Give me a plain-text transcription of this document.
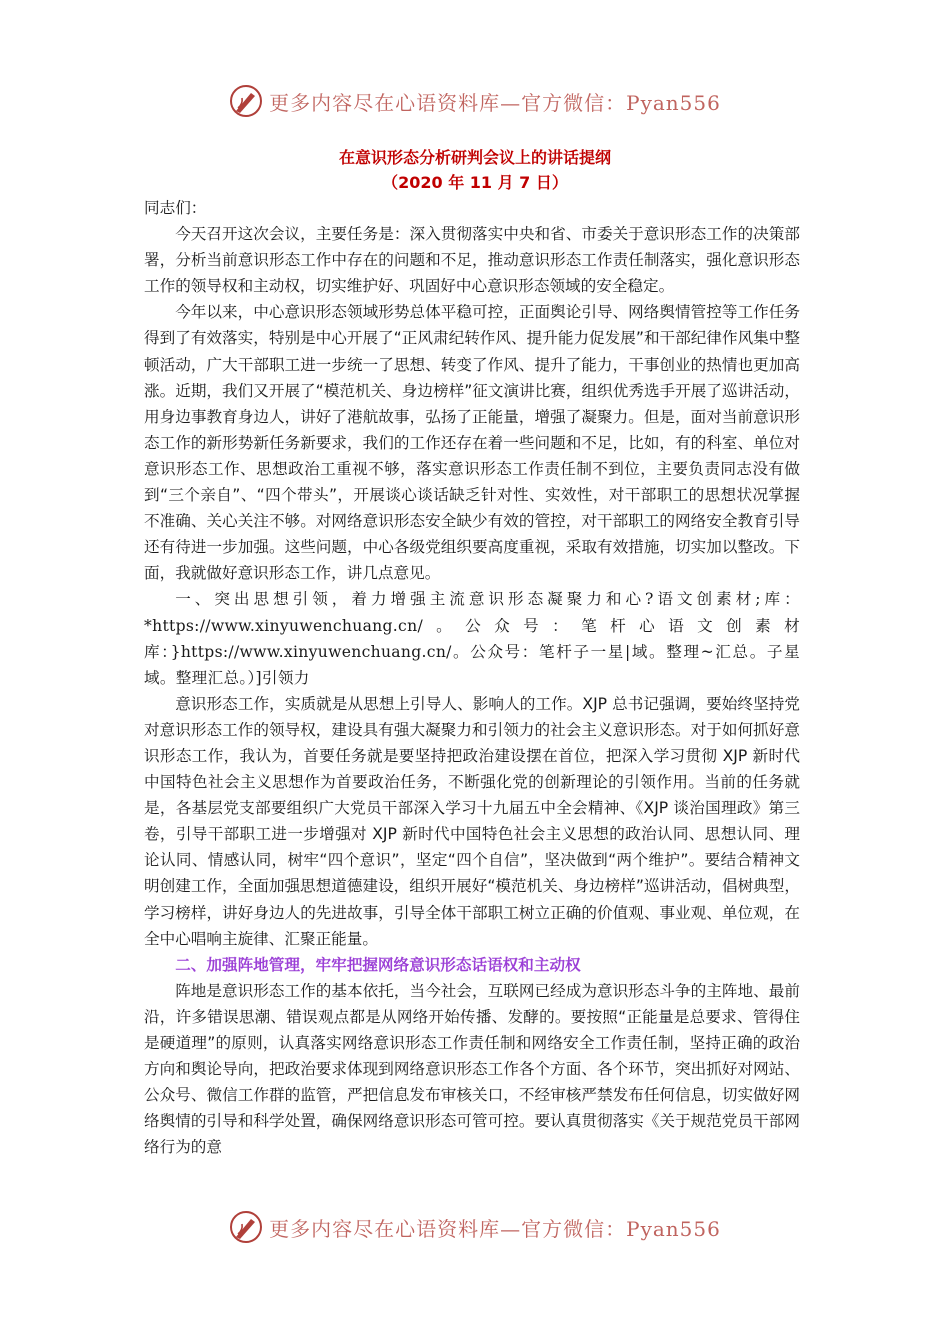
更多内容尽在心语资料库—官方微信：Pyan556
在意识形态分析研判会议上的讲话提纲
（2020 年 11 月 7 日）

同志们：

今天召开这次会议，主要任务是：深入贯彻落实中央和省、市委关于意识形态工作的决策部署，分析当前意识形态工作中存在的问题和不足，推动意识形态工作责任制落实，强化意识形态工作的领导权和主动权，切实维护好、巩固好中心意识形态领域的安全稳定。

今年以来，中心意识形态领域形势总体平稳可控，正面舆论引导、网络舆情管控等工作任务得到了有效落实，特别是中心开展了“正风肃纪转作风、提升能力促发展”和干部纪律作风集中整顿活动，广大干部职工进一步统一了思想、转变了作风、提升了能力，干事创业的热情也更加高涨。近期，我们又开展了“模范机关、身边榜样”征文演讲比赛，组织优秀选手开展了巡讲活动，用身边事教育身边人，讲好了港航故事，弘扬了正能量，增强了凝聚力。但是，面对当前意识形态工作的新形势新任务新要求，我们的工作还存在着一些问题和不足，比如，有的科室、单位对意识形态工作、思想政治工重视不够，落实意识形态工作责任制不到位，主要负责同志没有做到“三个亲自”、“四个带头”，开展谈心谈话缺乏针对性、实效性，对干部职工的思想状况掌握不准确、关心关注不够。对网络意识形态安全缺少有效的管控，对干部职工的网络安全教育引导还有待进一步加强。这些问题，中心各级党组织要高度重视，采取有效措施，切实加以整改。下面，我就做好意识形态工作，讲几点意见。

一、突出思想引领，着力增强主流意识形态凝聚力和心?语文创素材;库：*https://www.xinyuwenchuang.cn/。公众号：笔杆心语文创素材库：}https://www.xinyuwenchuang.cn/。公众号：笔杆子一星|域。整理~汇总。子星域。整理汇总。）]引领力

意识形态工作，实质就是从思想上引导人、影响人的工作。XJP 总书记强调，要始终坚持党对意识形态工作的领导权，建设具有强大凝聚力和引领力的社会主义意识形态。对于如何抓好意识形态工作，我认为，首要任务就是要坚持把政治建设摆在首位，把深入学习贯彻 XJP 新时代中国特色社会主义思想作为首要政治任务，不断强化党的创新理论的引领作用。当前的任务就是，各基层党支部要组织广大党员干部深入学习十九届五中全会精神、《XJP 谈治国理政》第三卷，引导干部职工进一步增强对 XJP 新时代中国特色社会主义思想的政治认同、思想认同、理论认同、情感认同，树牢“四个意识”，坚定“四个自信”，坚决做到“两个维护”。要结合精神文明创建工作，全面加强思想道德建设，组织开展好“模范机关、身边榜样”巡讲活动，倡树典型，学习榜样，讲好身边人的先进故事，引导全体干部职工树立正确的价值观、事业观、单位观，在全中心唱响主旋律、汇聚正能量。

二、加强阵地管理，牢牢把握网络意识形态话语权和主动权

阵地是意识形态工作的基本依托，当今社会，互联网已经成为意识形态斗争的主阵地、最前沿，许多错误思潮、错误观点都是从网络开始传播、发酵的。要按照“正能量是总要求、管得住是硬道理”的原则，认真落实网络意识形态工作责任制和网络安全工作责任制，坚持正确的政治方向和舆论导向，把政治要求体现到网络意识形态工作各个方面、各个环节，突出抓好对网站、公众号、微信工作群的监管，严把信息发布审核关口，不经审核严禁发布任何信息，切实做好网络舆情的引导和科学处置，确保网络意识形态可管可控。要认真贯彻落实《关于规范党员干部网络行为的意

更多内容尽在心语资料库—官方微信：Pyan556
